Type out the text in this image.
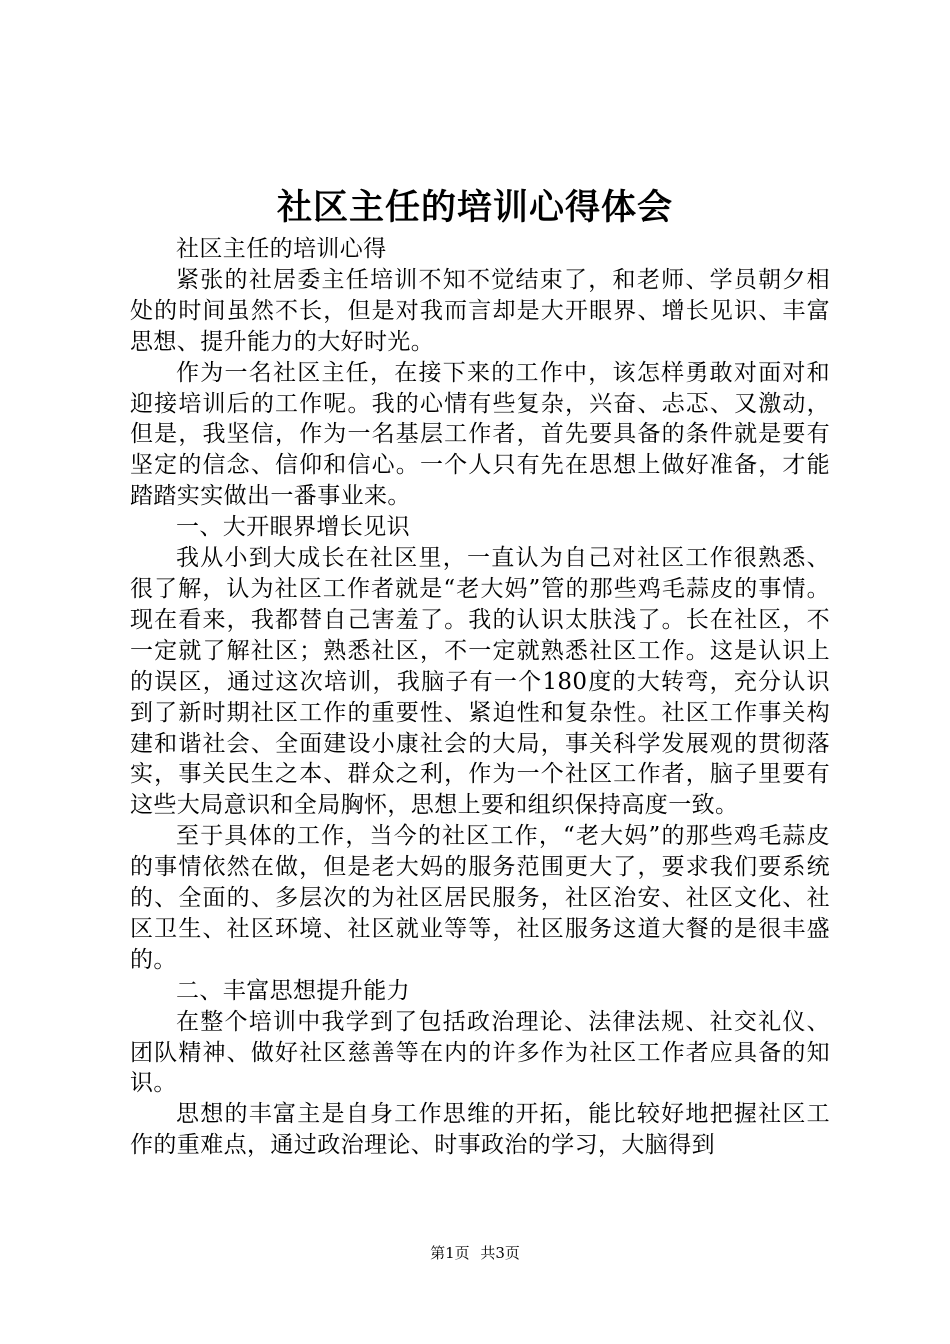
社区主任的培训心得体会

社区主任的培训心得

紧张的社居委主任培训不知不觉结束了，和老师、学员朝夕相处的时间虽然不长，但是对我而言却是大开眼界、增长见识、丰富思想、提升能力的大好时光。

作为一名社区主任，在接下来的工作中，该怎样勇敢对面对和迎接培训后的工作呢。我的心情有些复杂，兴奋、忐忑、又激动，但是，我坚信，作为一名基层工作者，首先要具备的条件就是要有坚定的信念、信仰和信心。一个人只有先在思想上做好准备，才能踏踏实实做出一番事业来。

一、大开眼界增长见识

我从小到大成长在社区里，一直认为自己对社区工作很熟悉、很了解，认为社区工作者就是“老大妈”管的那些鸡毛蒜皮的事情。现在看来，我都替自己害羞了。我的认识太肤浅了。长在社区，不一定就了解社区；熟悉社区，不一定就熟悉社区工作。这是认识上的误区，通过这次培训，我脑子有一个180度的大转弯，充分认识到了新时期社区工作的重要性、紧迫性和复杂性。社区工作事关构建和谐社会、全面建设小康社会的大局，事关科学发展观的贯彻落实，事关民生之本、群众之利，作为一个社区工作者，脑子里要有这些大局意识和全局胸怀，思想上要和组织保持高度一致。

至于具体的工作，当今的社区工作，“老大妈”的那些鸡毛蒜皮的事情依然在做，但是老大妈的服务范围更大了，要求我们要系统的、全面的、多层次的为社区居民服务，社区治安、社区文化、社区卫生、社区环境、社区就业等等，社区服务这道大餐的是很丰盛的。

二、丰富思想提升能力

在整个培训中我学到了包括政治理论、法律法规、社交礼仪、团队精神、做好社区慈善等在内的许多作为社区工作者应具备的知识。

思想的丰富主是自身工作思维的开拓，能比较好地把握社区工作的重难点，通过政治理论、时事政治的学习，大脑得到

第1页 共3页
